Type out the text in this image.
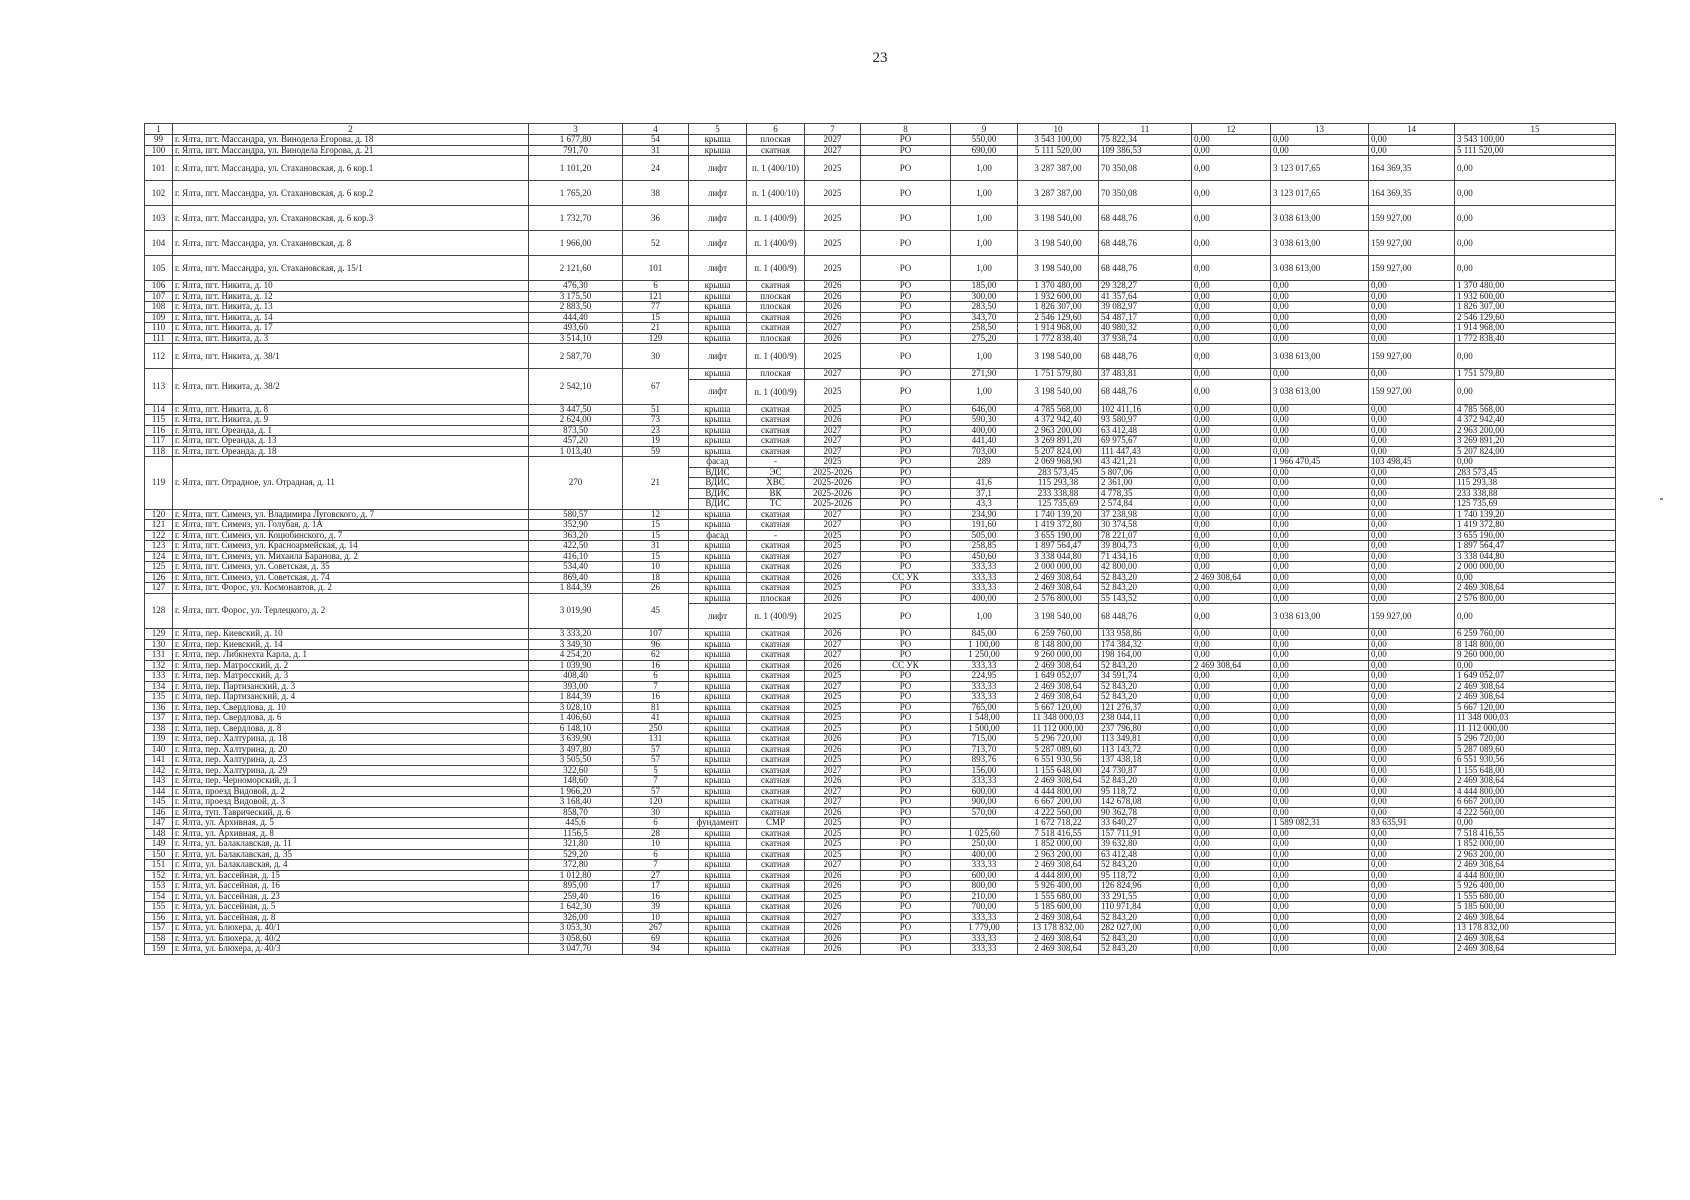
23
1	2	3	4	5	6	7	8	9	10	11	12	13	14	15
99	г. Ялта, пгт. Массандра, ул. Винодела Егорова, д. 18	1 677,80	54	крыша	плоская	2027	РО	550,00	3 543 100,00	75 822,34	0,00	0,00	0,00	3 543 100,00
100	г. Ялта, пгт. Массандра, ул. Винодела Егорова, д. 21	791,70	31	крыша	скатная	2027	РО	690,00	5 111 520,00	109 386,53	0,00	0,00	0,00	5 111 520,00
101	г. Ялта, пгт. Массандра, ул. Стахановская, д. 6 кор.1	1 101,20	24	лифт	п. 1 (400/10)	2025	РО	1,00	3 287 387,00	70 350,08	0,00	3 123 017,65	164 369,35	0,00
102	г. Ялта, пгт. Массандра, ул. Стахановская, д. 6 кор.2	1 765,20	38	лифт	п. 1 (400/10)	2025	РО	1,00	3 287 387,00	70 350,08	0,00	3 123 017,65	164 369,35	0,00
103	г. Ялта, пгт. Массандра, ул. Стахановская, д. 6 кор.3	1 732,70	36	лифт	п. 1 (400/9)	2025	РО	1,00	3 198 540,00	68 448,76	0,00	3 038 613,00	159 927,00	0,00
104	г. Ялта, пгт. Массандра, ул. Стахановская, д. 8	1 966,00	52	лифт	п. 1 (400/9)	2025	РО	1,00	3 198 540,00	68 448,76	0,00	3 038 613,00	159 927,00	0,00
105	г. Ялта, пгт. Массандра, ул. Стахановская, д. 15/1	2 121,60	101	лифт	п. 1 (400/9)	2025	РО	1,00	3 198 540,00	68 448,76	0,00	3 038 613,00	159 927,00	0,00
106	г. Ялта, пгт. Никита, д. 10	476,30	6	крыша	скатная	2026	РО	185,00	1 370 480,00	29 328,27	0,00	0,00	0,00	1 370 480,00
107	г. Ялта, пгт. Никита, д. 12	3 175,50	121	крыша	плоская	2026	РО	300,00	1 932 600,00	41 357,64	0,00	0,00	0,00	1 932 600,00
108	г. Ялта, пгт. Никита, д. 13	2 883,50	77	крыша	плоская	2026	РО	283,50	1 826 307,00	39 082,97	0,00	0,00	0,00	1 826 307,00
109	г. Ялта, пгт. Никита, д. 14	444,40	15	крыша	скатная	2026	РО	343,70	2 546 129,60	54 487,17	0,00	0,00	0,00	2 546 129,60
110	г. Ялта, пгт. Никита, д. 17	493,60	21	крыша	скатная	2027	РО	258,50	1 914 968,00	40 980,32	0,00	0,00	0,00	1 914 968,00
111	г. Ялта, пгт. Никита, д. 3	3 514,10	129	крыша	плоская	2026	РО	275,20	1 772 838,40	37 938,74	0,00	0,00	0,00	1 772 838,40
112	г. Ялта, пгт. Никита, д. 38/1	2 587,70	30	лифт	п. 1 (400/9)	2025	РО	1,00	3 198 540,00	68 448,76	0,00	3 038 613,00	159 927,00	0,00
113	г. Ялта, пгт. Никита, д. 38/2	2 542,10	67	крыша	плоская	2027	РО	271,90	1 751 579,80	37 483,81	0,00	0,00	0,00	1 751 579,80
				лифт	п. 1 (400/9)	2025	РО	1,00	3 198 540,00	68 448,76	0,00	3 038 613,00	159 927,00	0,00
114	г. Ялта, пгт. Никита, д. 8	3 447,50	51	крыша	скатная	2025	РО	646,00	4 785 568,00	102 411,16	0,00	0,00	0,00	4 785 568,00
115	г. Ялта, пгт. Никита, д. 9	2 624,00	73	крыша	скатная	2026	РО	590,30	4 372 942,40	93 580,97	0,00	0,00	0,00	4 372 942,40
116	г. Ялта, пгт. Ореанда, д. 1	873,50	23	крыша	скатная	2027	РО	400,00	2 963 200,00	63 412,48	0,00	0,00	0,00	2 963 200,00
117	г. Ялта, пгт. Ореанда, д. 13	457,20	19	крыша	скатная	2027	РО	441,40	3 269 891,20	69 975,67	0,00	0,00	0,00	3 269 891,20
118	г. Ялта, пгт. Ореанда, д. 18	1 013,40	59	крыша	скатная	2027	РО	703,00	5 207 824,00	111 447,43	0,00	0,00	0,00	5 207 824,00
119	г. Ялта, пгт. Отрадное, ул. Отрадная, д. 11	270	21	фасад	-	2025	РО	289	2 069 968,90	43 421,21	0,00	1 966 470,45	103 498,45	0,00
				ВДИС	ЭС	2025-2026	РО		283 573,45	5 807,06	0,00	0,00	0,00	283 573,45
				ВДИС	ХВС	2025-2026	РО	41,6	115 293,38	2 361,00	0,00	0,00	0,00	115 293,38
				ВДИС	ВК	2025-2026	РО	37,1	233 338,88	4 778,35	0,00	0,00	0,00	233 338,88
				ВДИС	ТС	2025-2026	РО	43,3	125 735,69	2 574,84	0,00	0,00	0,00	125 735,69
120	г. Ялта, пгт. Симеиз, ул. Владимира Луговского, д. 7	580,57	12	крыша	скатная	2027	РО	234,90	1 740 139,20	37 238,98	0,00	0,00	0,00	1 740 139,20
121	г. Ялта, пгт. Симеиз, ул. Голубая, д. 1А	352,90	15	крыша	скатная	2027	РО	191,60	1 419 372,80	30 374,58	0,00	0,00	0,00	1 419 372,80
122	г. Ялта, пгт. Симеиз, ул. Коцюбинского, д. 7	363,20	15	фасад	-	2025	РО	505,00	3 655 190,00	78 221,07	0,00	0,00	0,00	3 655 190,00
123	г. Ялта, пгт. Симеиз, ул. Красноармейская, д. 14	422,50	31	крыша	скатная	2025	РО	258,85	1 897 564,47	39 804,73	0,00	0,00	0,00	1 897 564,47
124	г. Ялта, пгт. Симеиз, ул. Михаила Баранова, д. 2	416,10	15	крыша	скатная	2027	РО	450,60	3 338 044,80	71 434,16	0,00	0,00	0,00	3 338 044,80
125	г. Ялта, пгт. Симеиз, ул. Советская, д. 35	534,40	10	крыша	скатная	2026	РО	333,33	2 000 000,00	42 800,00	0,00	0,00	0,00	2 000 000,00
126	г. Ялта, пгт. Симеиз, ул. Советская, д. 74	869,40	18	крыша	скатная	2026	СС УК	333,33	2 469 308,64	52 843,20	2 469 308,64	0,00	0,00	0,00
127	г. Ялта, пгт. Форос, ул. Космонавтов, д. 2	1 844,39	26	крыша	скатная	2025	РО	333,33	2 469 308,64	52 843,20	0,00	0,00	0,00	2 469 308,64
128	г. Ялта, пгт. Форос, ул. Терлецкого, д. 2	3 019,90	45	крыша	плоская	2026	РО	400,00	2 576 800,00	55 143,52	0,00	0,00	0,00	2 576 800,00
				лифт	п. 1 (400/9)	2025	РО	1,00	3 198 540,00	68 448,76	0,00	3 038 613,00	159 927,00	0,00
129	г. Ялта, пер. Киевский, д. 10	3 333,20	107	крыша	скатная	2026	РО	845,00	6 259 760,00	133 958,86	0,00	0,00	0,00	6 259 760,00
130	г. Ялта, пер. Киевский, д. 14	3 349,30	96	крыша	скатная	2027	РО	1 100,00	8 148 800,00	174 384,32	0,00	0,00	0,00	8 148 800,00
131	г. Ялта, пер. Либкнехта Карла, д. 1	4 254,20	62	крыша	скатная	2027	РО	1 250,00	9 260 000,00	198 164,00	0,00	0,00	0,00	9 260 000,00
132	г. Ялта, пер. Матросский, д. 2	1 039,90	16	крыша	скатная	2026	СС УК	333,33	2 469 308,64	52 843,20	2 469 308,64	0,00	0,00	0,00
133	г. Ялта, пер. Матросский, д. 3	408,40	6	крыша	скатная	2025	РО	224,95	1 649 052,07	34 591,74	0,00	0,00	0,00	1 649 052,07
134	г. Ялта, пер. Партизанский, д. 3	393,00	7	крыша	скатная	2027	РО	333,33	2 469 308,64	52 843,20	0,00	0,00	0,00	2 469 308,64
135	г. Ялта, пер. Партизанский, д. 4	1 844,39	16	крыша	скатная	2025	РО	333,33	2 469 308,64	52 843,20	0,00	0,00	0,00	2 469 308,64
136	г. Ялта, пер. Свердлова, д. 10	3 028,10	81	крыша	скатная	2025	РО	765,00	5 667 120,00	121 276,37	0,00	0,00	0,00	5 667 120,00
137	г. Ялта, пер. Свердлова, д. 6	1 406,60	41	крыша	скатная	2025	РО	1 548,00	11 348 000,03	238 044,11	0,00	0,00	0,00	11 348 000,03
138	г. Ялта, пер. Свердлова, д. 8	6 148,10	250	крыша	скатная	2025	РО	1 500,00	11 112 000,00	237 796,80	0,00	0,00	0,00	11 112 000,00
139	г. Ялта, пер. Халтурина, д. 18	3 639,90	131	крыша	скатная	2026	РО	715,00	5 296 720,00	113 349,81	0,00	0,00	0,00	5 296 720,00
140	г. Ялта, пер. Халтурина, д. 20	3 497,80	57	крыша	скатная	2026	РО	713,70	5 287 089,60	113 143,72	0,00	0,00	0,00	5 287 089,60
141	г. Ялта, пер. Халтурина, д. 23	3 505,50	57	крыша	скатная	2025	РО	893,76	6 551 930,56	137 438,18	0,00	0,00	0,00	6 551 930,56
142	г. Ялта, пер. Халтурина, д. 29	322,60	5	крыша	скатная	2027	РО	156,00	1 155 648,00	24 730,87	0,00	0,00	0,00	1 155 648,00
143	г. Ялта, пер. Черноморский, д. 1	148,60	7	крыша	скатная	2026	РО	333,33	2 469 308,64	52 843,20	0,00	0,00	0,00	2 469 308,64
144	г. Ялта, проезд Видовой, д. 2	1 966,20	57	крыша	скатная	2027	РО	600,00	4 444 800,00	95 118,72	0,00	0,00	0,00	4 444 800,00
145	г. Ялта, проезд Видовой, д. 3	3 168,40	120	крыша	скатная	2027	РО	900,00	6 667 200,00	142 678,08	0,00	0,00	0,00	6 667 200,00
146	г. Ялта, туп. Таврический, д. 6	858,70	30	крыша	скатная	2026	РО	570,00	4 222 560,00	90 362,78	0,00	0,00	0,00	4 222 560,00
147	г. Ялта, ул. Архивная, д. 5	445,6	6	фундамент	СМР	2025	РО		1 672 718,22	33 640,27	0,00	1 589 082,31	83 635,91	0,00
148	г. Ялта, ул. Архивная, д. 8	1156,5	28	крыша	скатная	2025	РО	1 025,60	7 518 416,55	157 711,91	0,00	0,00	0,00	7 518 416,55
149	г. Ялта, ул. Балаклавская, д. 11	321,80	10	крыша	скатная	2025	РО	250,00	1 852 000,00	39 632,80	0,00	0,00	0,00	1 852 000,00
150	г. Ялта, ул. Балаклавская, д. 35	529,20	6	крыша	скатная	2025	РО	400,00	2 963 200,00	63 412,48	0,00	0,00	0,00	2 963 200,00
151	г. Ялта, ул. Балаклавская, д. 4	372,80	7	крыша	скатная	2027	РО	333,33	2 469 308,64	52 843,20	0,00	0,00	0,00	2 469 308,64
152	г. Ялта, ул. Бассейная, д. 15	1 012,80	27	крыша	скатная	2026	РО	600,00	4 444 800,00	95 118,72	0,00	0,00	0,00	4 444 800,00
153	г. Ялта, ул. Бассейная, д. 16	895,00	17	крыша	скатная	2026	РО	800,00	5 926 400,00	126 824,96	0,00	0,00	0,00	5 926 400,00
154	г. Ялта, ул. Бассейная, д. 23	259,40	16	крыша	скатная	2025	РО	210,00	1 555 680,00	33 291,55	0,00	0,00	0,00	1 555 680,00
155	г. Ялта, ул. Бассейная, д. 5	1 642,30	39	крыша	скатная	2026	РО	700,00	5 185 600,00	110 971,84	0,00	0,00	0,00	5 185 600,00
156	г. Ялта, ул. Бассейная, д. 8	326,00	10	крыша	скатная	2027	РО	333,33	2 469 308,64	52 843,20	0,00	0,00	0,00	2 469 308,64
157	г. Ялта, ул. Блюхера, д. 40/1	3 053,30	267	крыша	скатная	2026	РО	1 779,00	13 178 832,00	282 027,00	0,00	0,00	0,00	13 178 832,00
158	г. Ялта, ул. Блюхера, д. 40/2	3 058,60	69	крыша	скатная	2026	РО	333,33	2 469 308,64	52 843,20	0,00	0,00	0,00	2 469 308,64
159	г. Ялта, ул. Блюхера, д. 40/3	3 047,70	94	крыша	скатная	2026	РО	333,33	2 469 308,64	52 843,20	0,00	0,00	0,00	2 469 308,64
